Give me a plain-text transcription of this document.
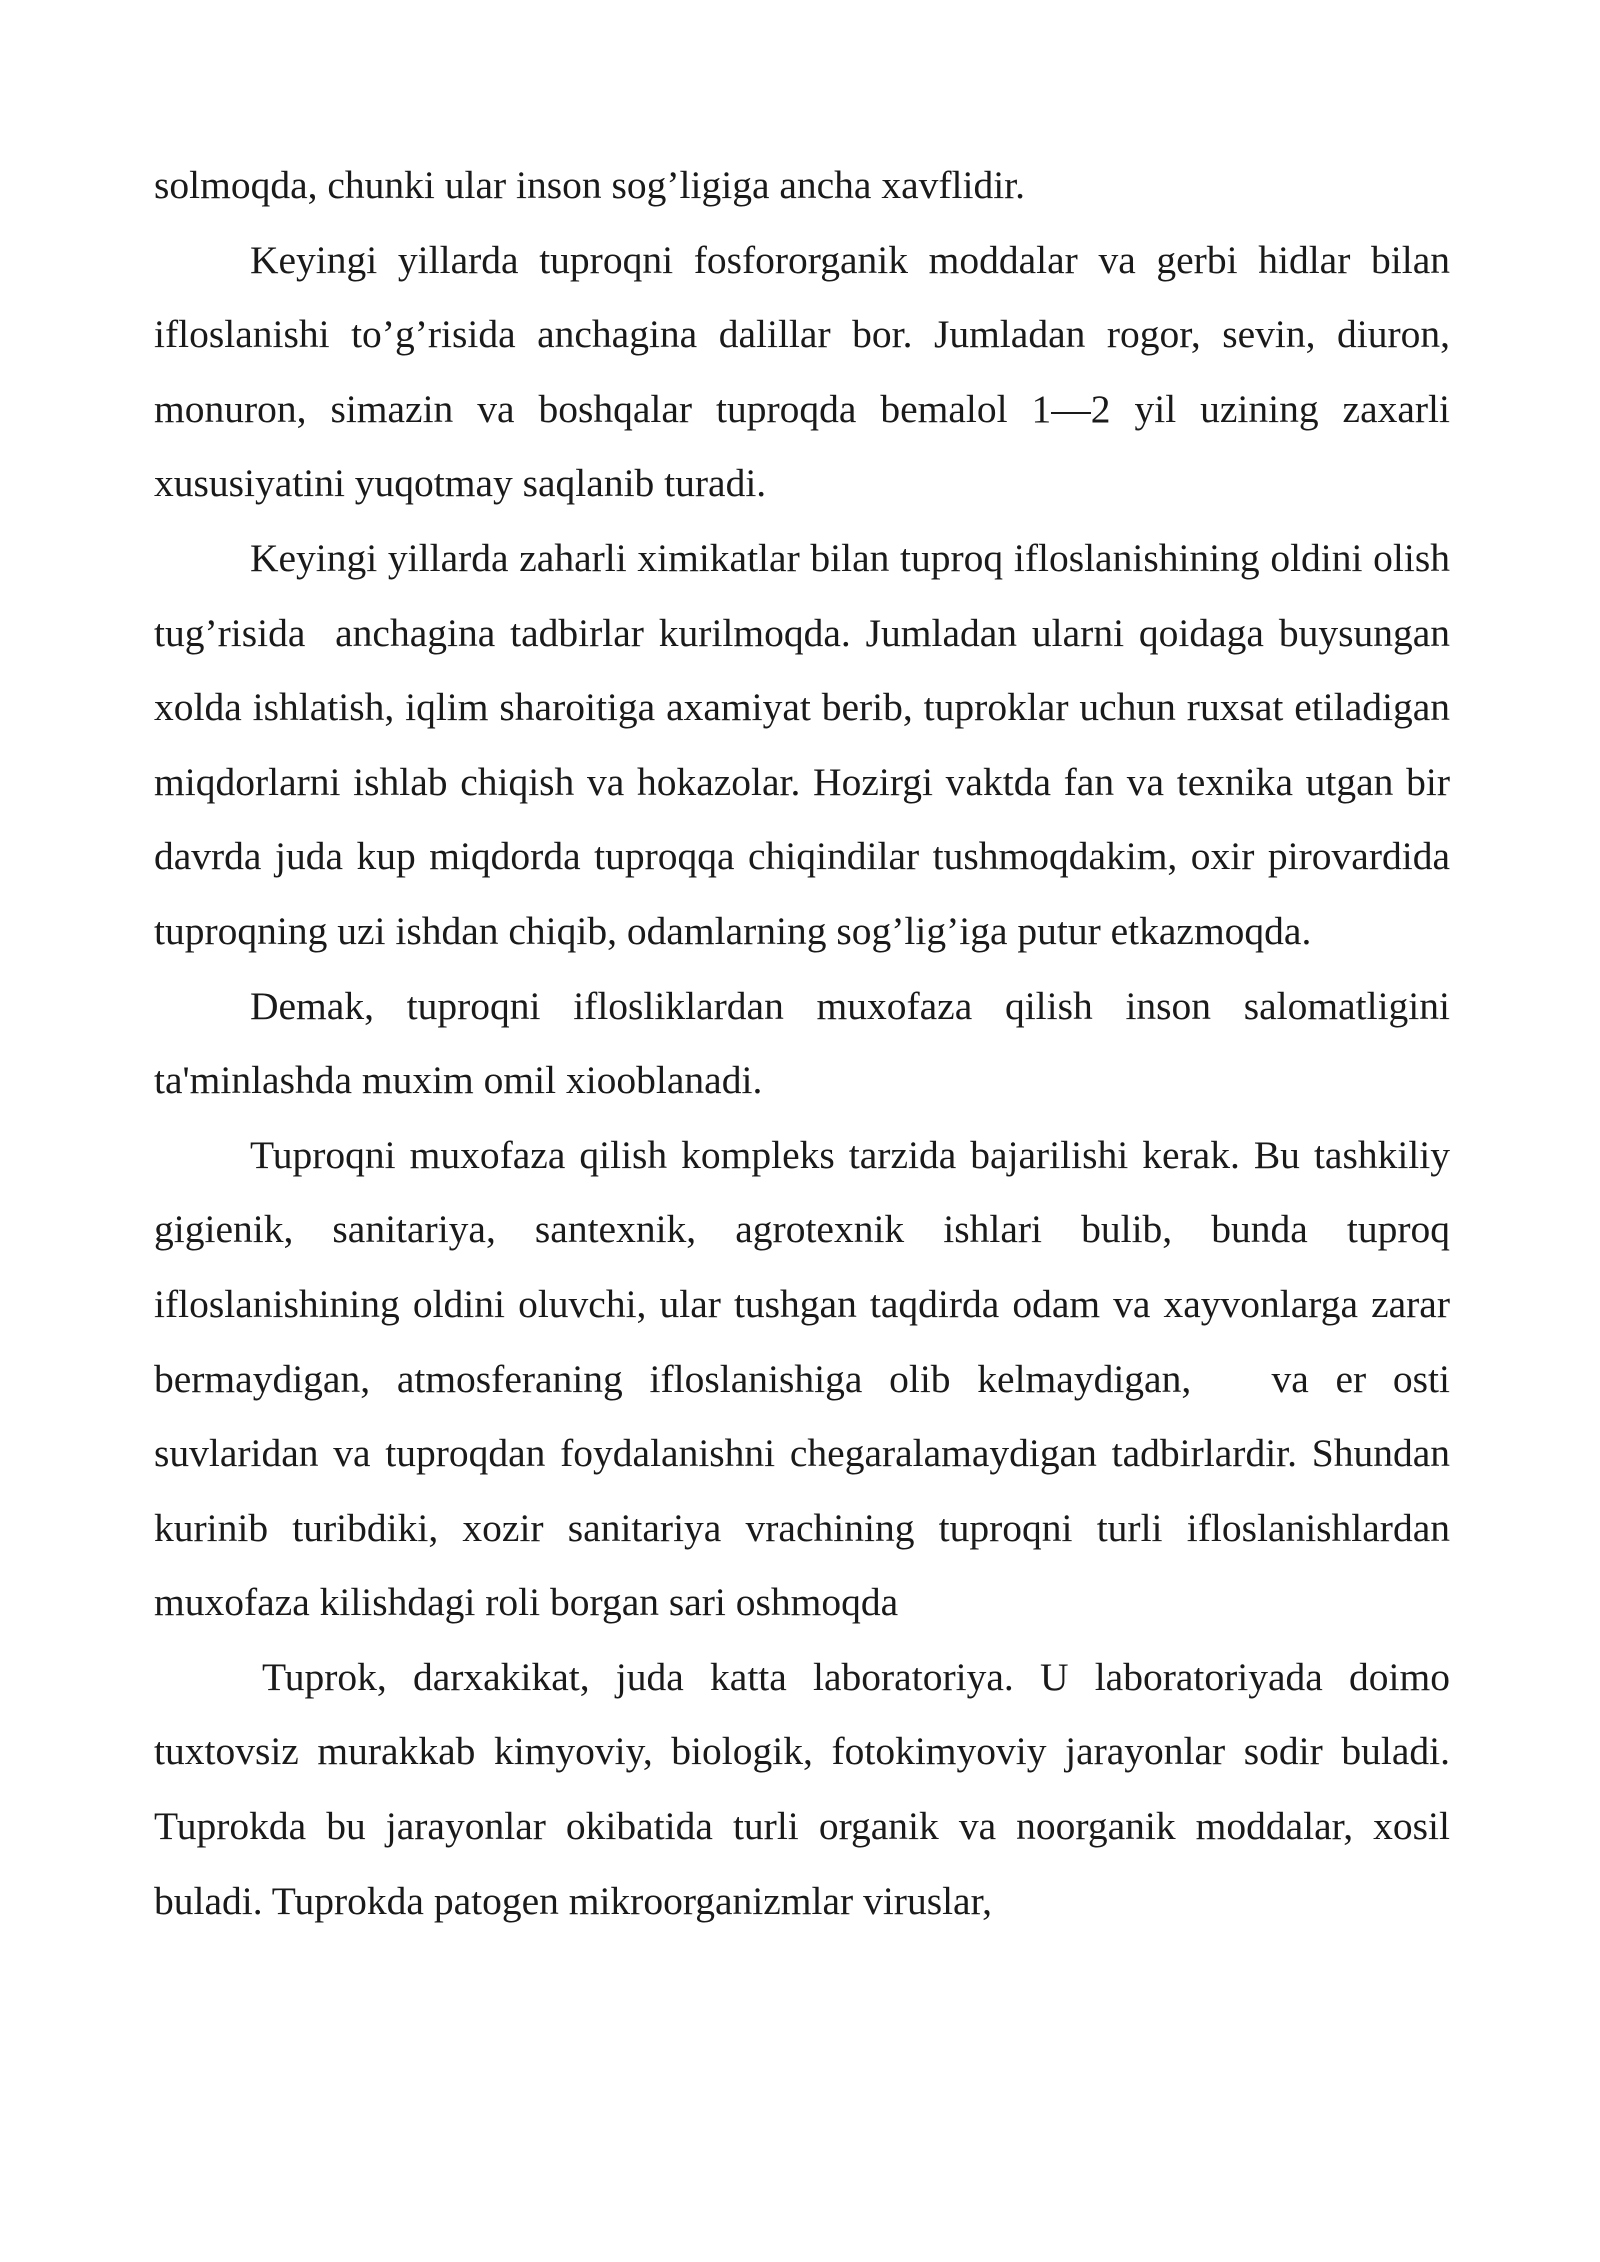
solmoqda, chunki ular inson sog’ligiga ancha xavflidir.

Keyingi yillarda tuproqni fosfororganik moddalar va gerbi hidlar bilan ifloslanishi to’g’risida anchagina dalillar bor. Jumladan rogor, sevin, diuron, monuron, simazin va boshqalar tuproqda bemalol 1—2 yil uzining zaxarli xususiyatini yuqotmay saqlanib turadi.

Keyingi yillarda zaharli ximikatlar bilan tuproq ifloslanishining oldini olish tug’risida  anchagina tadbirlar kurilmoqda. Jumladan ularni qoidaga buysungan xolda ishlatish, iqlim sharoitiga axamiyat berib, tuproklar uchun ruxsat etiladigan miqdorlarni ishlab chiqish va hokazolar. Hozirgi vaktda fan va texnika utgan bir davrda juda kup miqdorda tuproqqa chiqindilar tushmoqdakim, oxir pirovardida tuproqning uzi ishdan chiqib, odamlarning sog’lig’iga putur etkazmoqda.

Demak, tuproqni iflosliklardan muxofaza qilish inson salomatligini ta'minlashda muxim omil xiooblanadi.

Tuproqni muxofaza qilish kompleks tarzida bajarilishi kerak. Bu tashkiliy gigienik, sanitariya, santexnik, agrotexnik ishlari bulib, bunda tuproq ifloslanishining oldini oluvchi, ular tushgan taqdirda odam va xayvonlarga zarar bermaydigan, atmosferaning ifloslanishiga olib kelmaydigan,   va er osti suvlaridan va tuproqdan foydalanishni chegaralamaydigan tadbirlardir. Shundan kurinib turibdiki, xozir sanitariya vrachining tuproqni turli ifloslanishlardan muxofaza kilishdagi roli borgan sari oshmoqda

Tuprok, darxakikat, juda katta laboratoriya. U laboratoriyada doimo tuxtovsiz murakkab kimyoviy, biologik, fotokimyoviy jarayonlar sodir buladi. Tuprokda bu jarayonlar okibatida turli organik va noorganik moddalar, xosil buladi. Tuprokda patogen mikroorganizmlar viruslar,
